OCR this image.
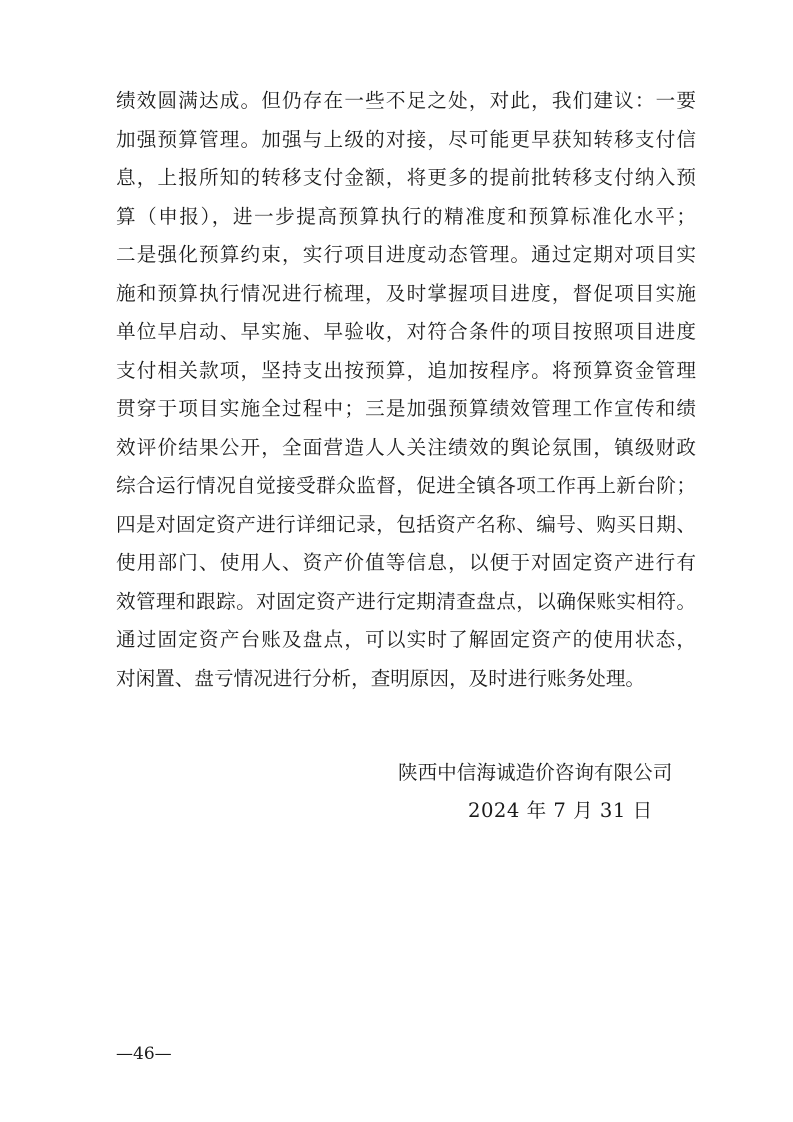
绩效圆满达成。但仍存在一些不足之处，对此，我们建议：一要
加强预算管理。加强与上级的对接，尽可能更早获知转移支付信
息，上报所知的转移支付金额，将更多的提前批转移支付纳入预
算（申报），进一步提高预算执行的精准度和预算标准化水平；
二是强化预算约束，实行项目进度动态管理。通过定期对项目实
施和预算执行情况进行梳理，及时掌握项目进度，督促项目实施
单位早启动、早实施、早验收，对符合条件的项目按照项目进度
支付相关款项，坚持支出按预算，追加按程序。将预算资金管理
贯穿于项目实施全过程中；三是加强预算绩效管理工作宣传和绩
效评价结果公开，全面营造人人关注绩效的舆论氛围，镇级财政
综合运行情况自觉接受群众监督，促进全镇各项工作再上新台阶；
四是对固定资产进行详细记录，包括资产名称、编号、购买日期、
使用部门、使用人、资产价值等信息，以便于对固定资产进行有
效管理和跟踪。对固定资产进行定期清查盘点，以确保账实相符。
通过固定资产台账及盘点，可以实时了解固定资产的使用状态，
对闲置、盘亏情况进行分析，查明原因，及时进行账务处理。
陕西中信海诚造价咨询有限公司
2024 年 7 月 31 日
—46—
